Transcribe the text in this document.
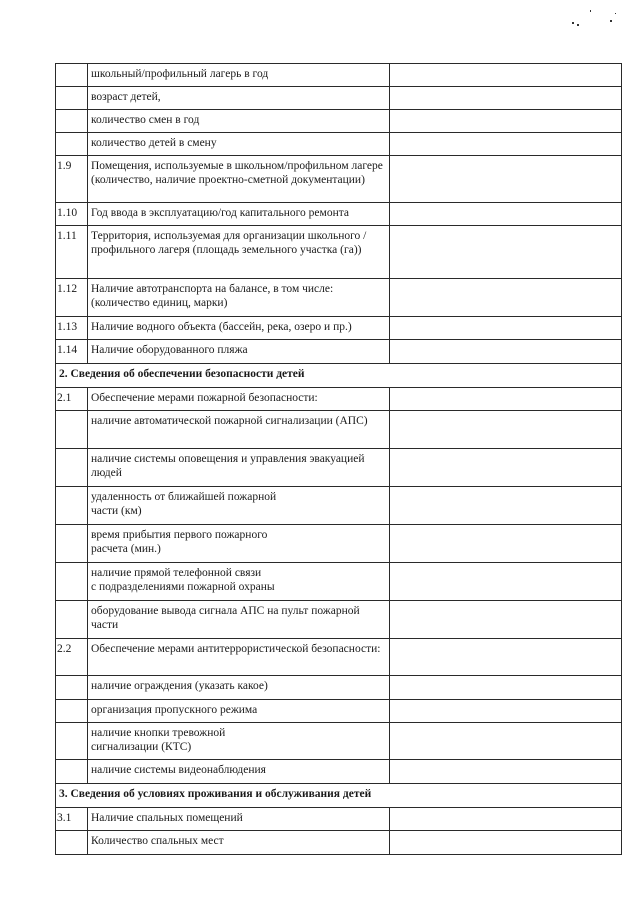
	школьный/профильный лагерь в год	
	возраст детей,	
	количество смен в год	
	количество детей в смену	
1.9	Помещения, используемые в школьном/профильном лагере (количество, наличие проектно-сметной документации)	
1.10	Год ввода в эксплуатацию/год капитального ремонта	
1.11	Территория, используемая для организации школьного /профильного лагеря (площадь земельного участка (га))	
1.12	Наличие автотранспорта на балансе, в том числе: (количество единиц, марки)	
1.13	Наличие водного объекта (бассейн, река, озеро и пр.)	
1.14	Наличие оборудованного пляжа	
2. Сведения об обеспечении безопасности детей		
2.1	Обеспечение мерами пожарной безопасности:	
	наличие автоматической пожарной сигнализации (АПС)	
	наличие системы оповещения и управления эвакуацией людей	
	удаленность от ближайшей пожарной
части (км)	
	время прибытия первого пожарного
расчета (мин.)	
	наличие прямой телефонной связи
с подразделениями пожарной охраны	
	оборудование вывода сигнала АПС на пульт пожарной части	
2.2	Обеспечение мерами антитеррористической безопасности:	
	наличие ограждения (указать какое)	
	организация пропускного режима	
	наличие кнопки тревожной
сигнализации (КТС)	
	наличие системы видеонаблюдения	
3. Сведения об условиях проживания и обслуживания детей		
3.1	Наличие спальных помещений	
	Количество спальных мест	
